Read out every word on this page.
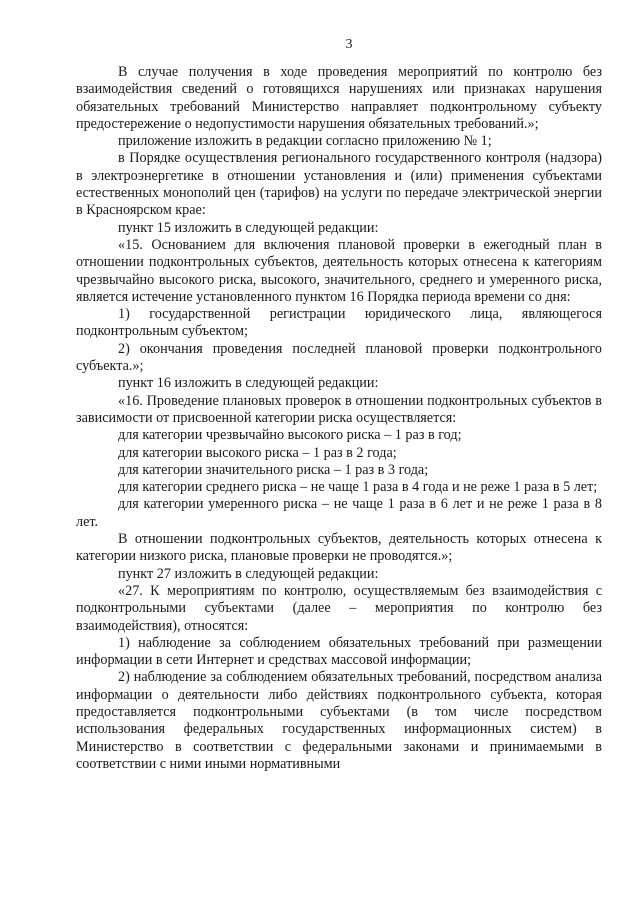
3

В случае получения в ходе проведения мероприятий по контролю без взаимодействия сведений о готовящихся нарушениях или признаках нарушения обязательных требований Министерство направляет подконтрольному субъекту предостережение о недопустимости нарушения обязательных требований.»;

приложение изложить в редакции согласно приложению № 1;

в Порядке осуществления регионального государственного контроля (надзора) в электроэнергетике в отношении установления и (или) применения субъектами естественных монополий цен (тарифов) на услуги по передаче электрической энергии в Красноярском крае:

пункт 15 изложить в следующей редакции:

«15. Основанием для включения плановой проверки в ежегодный план в отношении подконтрольных субъектов, деятельность которых отнесена к категориям чрезвычайно высокого риска, высокого, значительного, среднего и умеренного риска, является истечение установленного пунктом 16 Порядка периода времени со дня:

1) государственной регистрации юридического лица, являющегося подконтрольным субъектом;

2) окончания проведения последней плановой проверки подконтрольного субъекта.»;

пункт 16 изложить в следующей редакции:

«16. Проведение плановых проверок в отношении подконтрольных субъектов в зависимости от присвоенной категории риска осуществляется:

для категории чрезвычайно высокого риска – 1 раз в год;

для категории высокого риска – 1 раз в 2 года;

для категории значительного риска – 1 раз в 3 года;

для категории среднего риска – не чаще 1 раза в 4 года и не реже 1 раза в 5 лет;

для категории умеренного риска – не чаще 1 раза в 6 лет и не реже 1 раза в 8 лет.

В отношении подконтрольных субъектов, деятельность которых отнесена к категории низкого риска, плановые проверки не проводятся.»;

пункт 27 изложить в следующей редакции:

«27. К мероприятиям по контролю, осуществляемым без взаимодействия с подконтрольными субъектами (далее – мероприятия по контролю без взаимодействия), относятся:

1) наблюдение за соблюдением обязательных требований при размещении информации в сети Интернет и средствах массовой информации;

2) наблюдение за соблюдением обязательных требований, посредством анализа информации о деятельности либо действиях подконтрольного субъекта, которая предоставляется подконтрольными субъектами (в том числе посредством использования федеральных государственных информационных систем) в Министерство в соответствии с федеральными законами и принимаемыми в соответствии с ними иными нормативными
